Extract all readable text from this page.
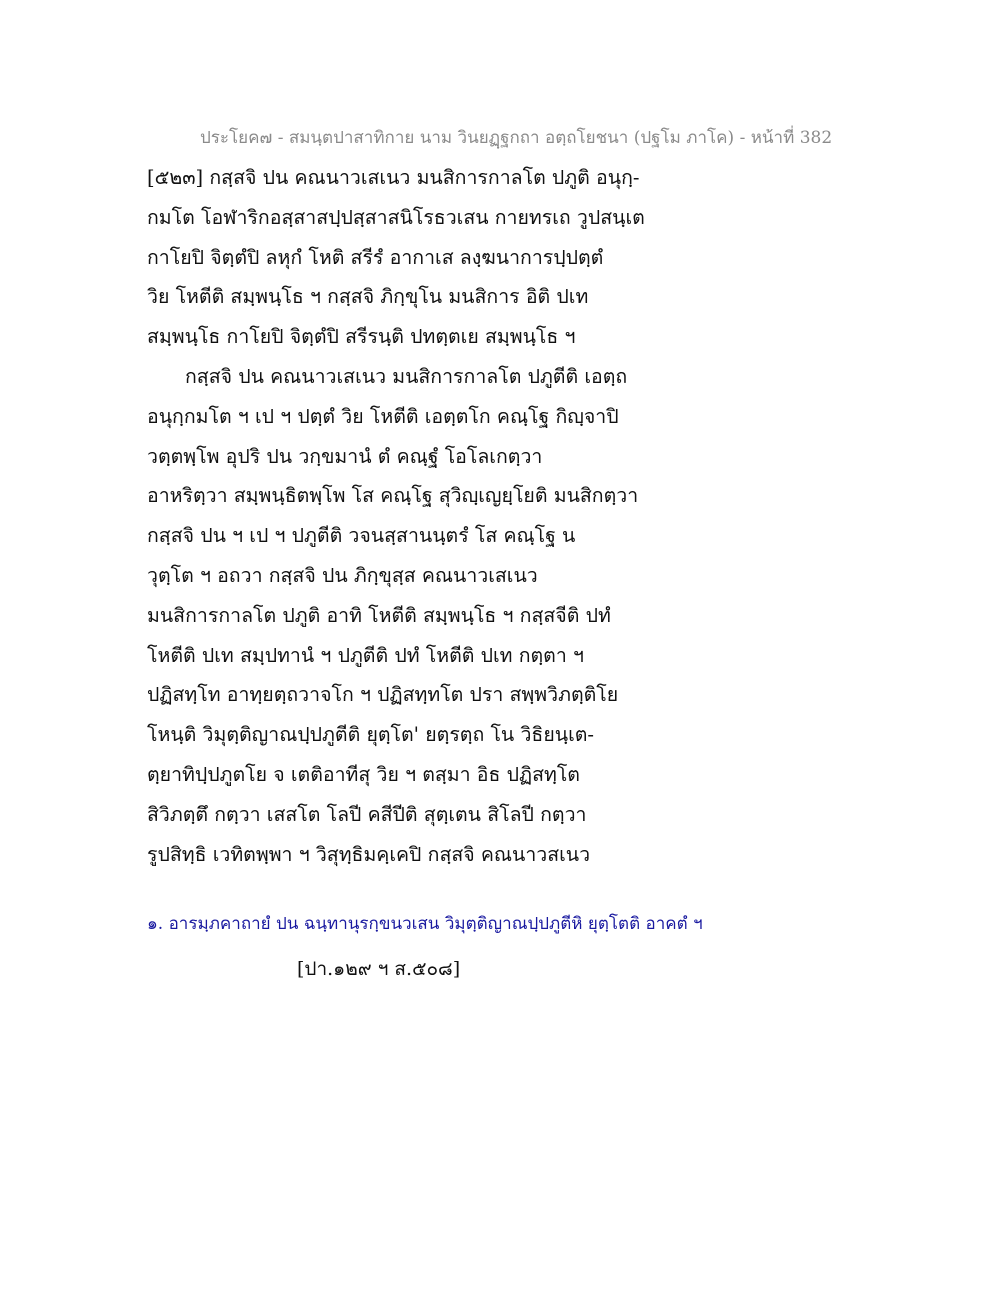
ประโยค๗ - สมนฺตปาสาทิกาย นาม วินยฏฺฐกถา อตฺถโยชนา (ปฐโม ภาโค) - หน้าที่ 382
[๕๒๓] กสฺสจิ ปน คณนาวเสเนว มนสิการกาลโต ปภูติ อนุกฺ-
กมโต โอฬาริกอสฺสาสปฺปสฺสาสนิโรธวเสน กายทรเถ วูปสนฺเต
กาโยปิ จิตฺตํปิ ลหุกํ โหติ สรีรํ อากาเส ลงฺฆนาการปฺปตฺตํ
วิย โหตีติ สมฺพนฺโธ ฯ กสฺสจิ ภิกฺขุโน มนสิการ อิติ ปเท
สมฺพนฺโธ กาโยปิ จิตฺตํปิ สรีรนฺติ ปทตฺตเย สมฺพนฺโธ ฯ
กสฺสจิ ปน คณนาวเสเนว มนสิการกาลโต ปภูตีติ เอตฺถ
อนุกฺกมโต ฯ เป ฯ ปตฺตํ วิย โหตีติ เอตฺตโก คณฺโฐ กิญฺจาปิ
วตฺตพฺโพ อุปริ ปน วกฺขมานํ ตํ คณฺฐํ โอโลเกตฺวา
อาหริตฺวา สมฺพนฺธิตพฺโพ โส คณฺโฐ สุวิญฺเญยฺโยติ มนสิกตฺวา
กสฺสจิ ปน ฯ เป ฯ ปภูตีติ วจนสฺสานนฺตรํ โส คณฺโฐ น
วุตฺโต ฯ อถวา กสฺสจิ ปน ภิกฺขุสฺส คณนาวเสเนว
มนสิการกาลโต ปภูติ อาทิ โหตีติ สมฺพนฺโธ ฯ กสฺสจีติ ปทํ
โหตีติ ปเท สมฺปทานํ ฯ ปภูตีติ ปทํ โหตีติ ปเท กตฺตา ฯ
ปฏิสทฺโท อาทฺยตฺถวาจโก ฯ ปฏิสทฺทโต ปรา สพฺพวิภตฺติโย
โหนฺติ วิมุตฺติญาณปฺปภูตีติ ยุตฺโต' ยตฺรตฺถ โน วิธิยนฺเต-
ตฺยาทิปฺปภูตโย จ เตติอาทีสุ วิย ฯ ตสฺมา อิธ ปฏิสทฺโต
สิวิภตฺตึ กตฺวา เสสโต โลปี คสีปีติ สุตฺเตน สิโลปี กตฺวา
รูปสิทฺธิ เวทิตพฺพา ฯ วิสุทฺธิมคฺเคปิ กสฺสจิ คณนาวสเนว
๑. อารมฺภคาถายํ ปน ฉนฺทานุรกฺขนวเสน วิมุตฺติญาณปฺปภูตีหิ ยุตฺโตติ อาคตํ ฯ
[ปา.๑๒๙ ฯ ส.๕๐๘]
